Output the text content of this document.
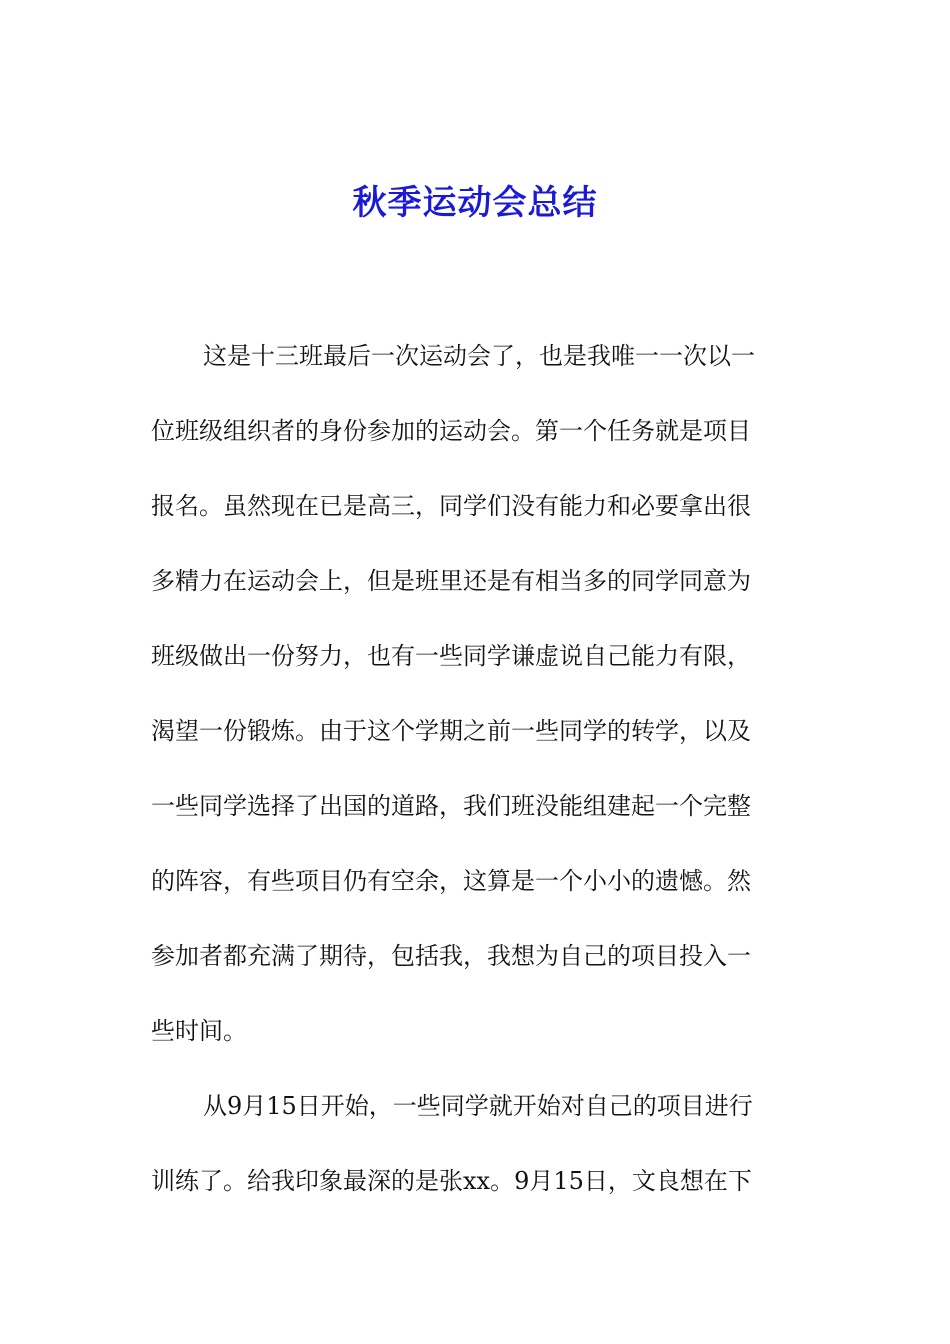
秋季运动会总结
这是十三班最后一次运动会了，也是我唯一一次以一
位班级组织者的身份参加的运动会。第一个任务就是项目
报名。虽然现在已是高三，同学们没有能力和必要拿出很
多精力在运动会上，但是班里还是有相当多的同学同意为
班级做出一份努力，也有一些同学谦虚说自己能力有限，
渴望一份锻炼。由于这个学期之前一些同学的转学，以及
一些同学选择了出国的道路，我们班没能组建起一个完整
的阵容，有些项目仍有空余，这算是一个小小的遗憾。然
参加者都充满了期待，包括我，我想为自己的项目投入一
些时间。
从9月15日开始，一些同学就开始对自己的项目进行
训练了。给我印象最深的是张xx。9月15日，文良想在下
